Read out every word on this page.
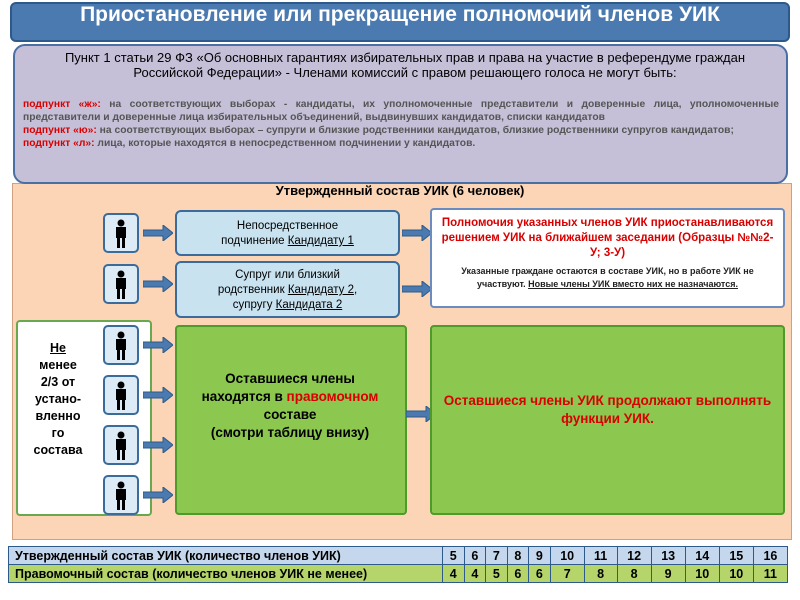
Приостановление или прекращение полномочий членов УИК
Утвержденный состав УИК (6 человек)
Пункт 1 статьи 29 ФЗ «Об основных гарантиях избирательных прав и права на участие в референдуме граждан Российской Федерации» - Членами комиссий с правом решающего голоса не могут быть:
подпункт «ж»: на соответствующих выборах - кандидаты, их уполномоченные представители и доверенные лица, уполномоченные представители и доверенные лица избирательных объединений, выдвинувших кандидатов, списки кандидатов
подпункт «ю»: на соответствующих выборах – супруги и близкие родственники кандидатов, близкие родственники супругов кандидатов;
подпункт «л»: лица, которые находятся в непосредственном подчинении у кандидатов.
Не
менее
2/3 от
устано-
вленно
го
состава
Непосредственное
подчинение Кандидату 1
Супруг или близкий
родственник Кандидату 2,
супругу Кандидата 2
Полномочия указанных членов УИК приостанавливаются решением УИК на ближайшем заседании (Образцы №№2-У; 3-У)
Указанные граждане остаются в составе УИК, но в работе УИК не участвуют. Новые члены УИК вместо них не назначаются.
Оставшиеся члены
находятся в правомочном
составе
(смотри таблицу внизу)
Оставшиеся члены УИК продолжают выполнять функции УИК.
Утвержденный состав УИК (количество членов УИК)	5	6	7	8	9	10	11	12	13	14	15	16
Правомочный состав (количество членов УИК не менее)	4	4	5	6	6	7	8	8	9	10	10	11
